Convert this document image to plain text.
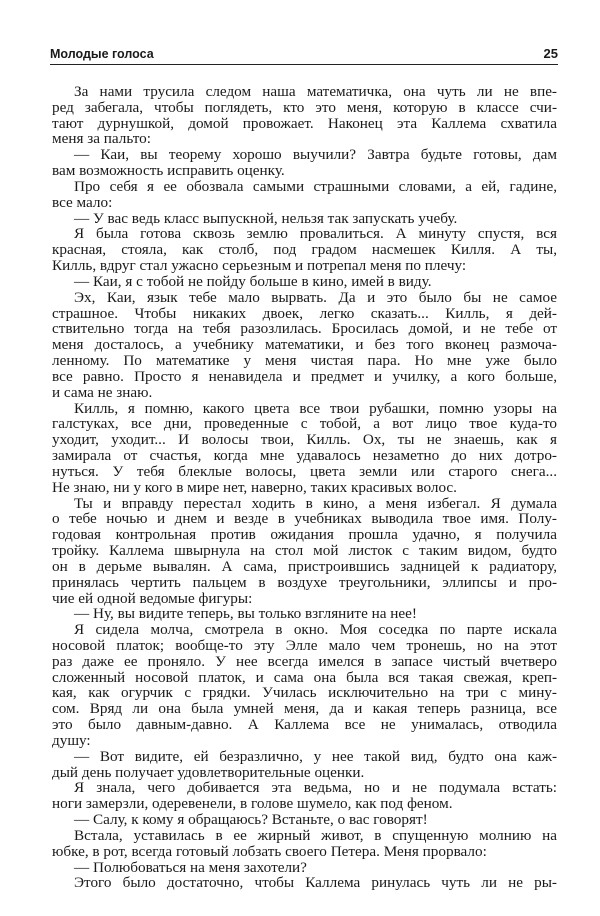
Молодые голоса	25
За нами трусила следом наша математичка, она чуть ли не впе-
ред забегала, чтобы поглядеть, кто это меня, которую в классе счи-
тают дурнушкой, домой провожает. Наконец эта Каллема схватила
меня за пальто:
— Каи, вы теорему хорошо выучили? Завтра будьте готовы, дам
вам возможность исправить оценку.
Про себя я ее обозвала самыми страшными словами, а ей, гадине,
все мало:
— У вас ведь класс выпускной, нельзя так запускать учебу.
Я была готова сквозь землю провалиться. А минуту спустя, вся
красная, стояла, как столб, под градом насмешек Килля. А ты,
Килль, вдруг стал ужасно серьезным и потрепал меня по плечу:
— Каи, я с тобой не пойду больше в кино, имей в виду.
Эх, Каи, язык тебе мало вырвать. Да и это было бы не самое
страшное. Чтобы никаких двоек, легко сказать... Килль, я дей-
ствительно тогда на тебя разозлилась. Бросилась домой, и не тебе от
меня досталось, а учебнику математики, и без того вконец размоча-
ленному. По математике у меня чистая пара. Но мне уже было
все равно. Просто я ненавидела и предмет и училку, а кого больше,
и сама не знаю.
Килль, я помню, какого цвета все твои рубашки, помню узоры на
галстуках, все дни, проведенные с тобой, а вот лицо твое куда-то
уходит, уходит... И волосы твои, Килль. Ох, ты не знаешь, как я
замирала от счастья, когда мне удавалось незаметно до них дотро-
нуться. У тебя блеклые волосы, цвета земли или старого снега...
Не знаю, ни у кого в мире нет, наверно, таких красивых волос.
Ты и вправду перестал ходить в кино, а меня избегал. Я думала
о тебе ночью и днем и везде в учебниках выводила твое имя. Полу-
годовая контрольная против ожидания прошла удачно, я получила
тройку. Каллема швырнула на стол мой листок с таким видом, будто
он в дерьме вывалян. А сама, пристроившись задницей к радиатору,
принялась чертить пальцем в воздухе треугольники, эллипсы и про-
чие ей одной ведомые фигуры:
— Ну, вы видите теперь, вы только взгляните на нее!
Я сидела молча, смотрела в окно. Моя соседка по парте искала
носовой платок; вообще-то эту Элле мало чем тронешь, но на этот
раз даже ее проняло. У нее всегда имелся в запасе чистый вчетверо
сложенный носовой платок, и сама она была вся такая свежая, креп-
кая, как огурчик с грядки. Училась исключительно на три с мину-
сом. Вряд ли она была умней меня, да и какая теперь разница, все
это было давным-давно. А Каллема все не унималась, отводила
душу:
— Вот видите, ей безразлично, у нее такой вид, будто она каж-
дый день получает удовлетворительные оценки.
Я знала, чего добивается эта ведьма, но и не подумала встать:
ноги замерзли, одеревенели, в голове шумело, как под феном.
— Салу, к кому я обращаюсь? Встаньте, о вас говорят!
Встала, уставилась в ее жирный живот, в спущенную молнию на
юбке, в рот, всегда готовый лобзать своего Петера. Меня прорвало:
— Полюбоваться на меня захотели?
Этого было достаточно, чтобы Каллема ринулась чуть ли не ры-
